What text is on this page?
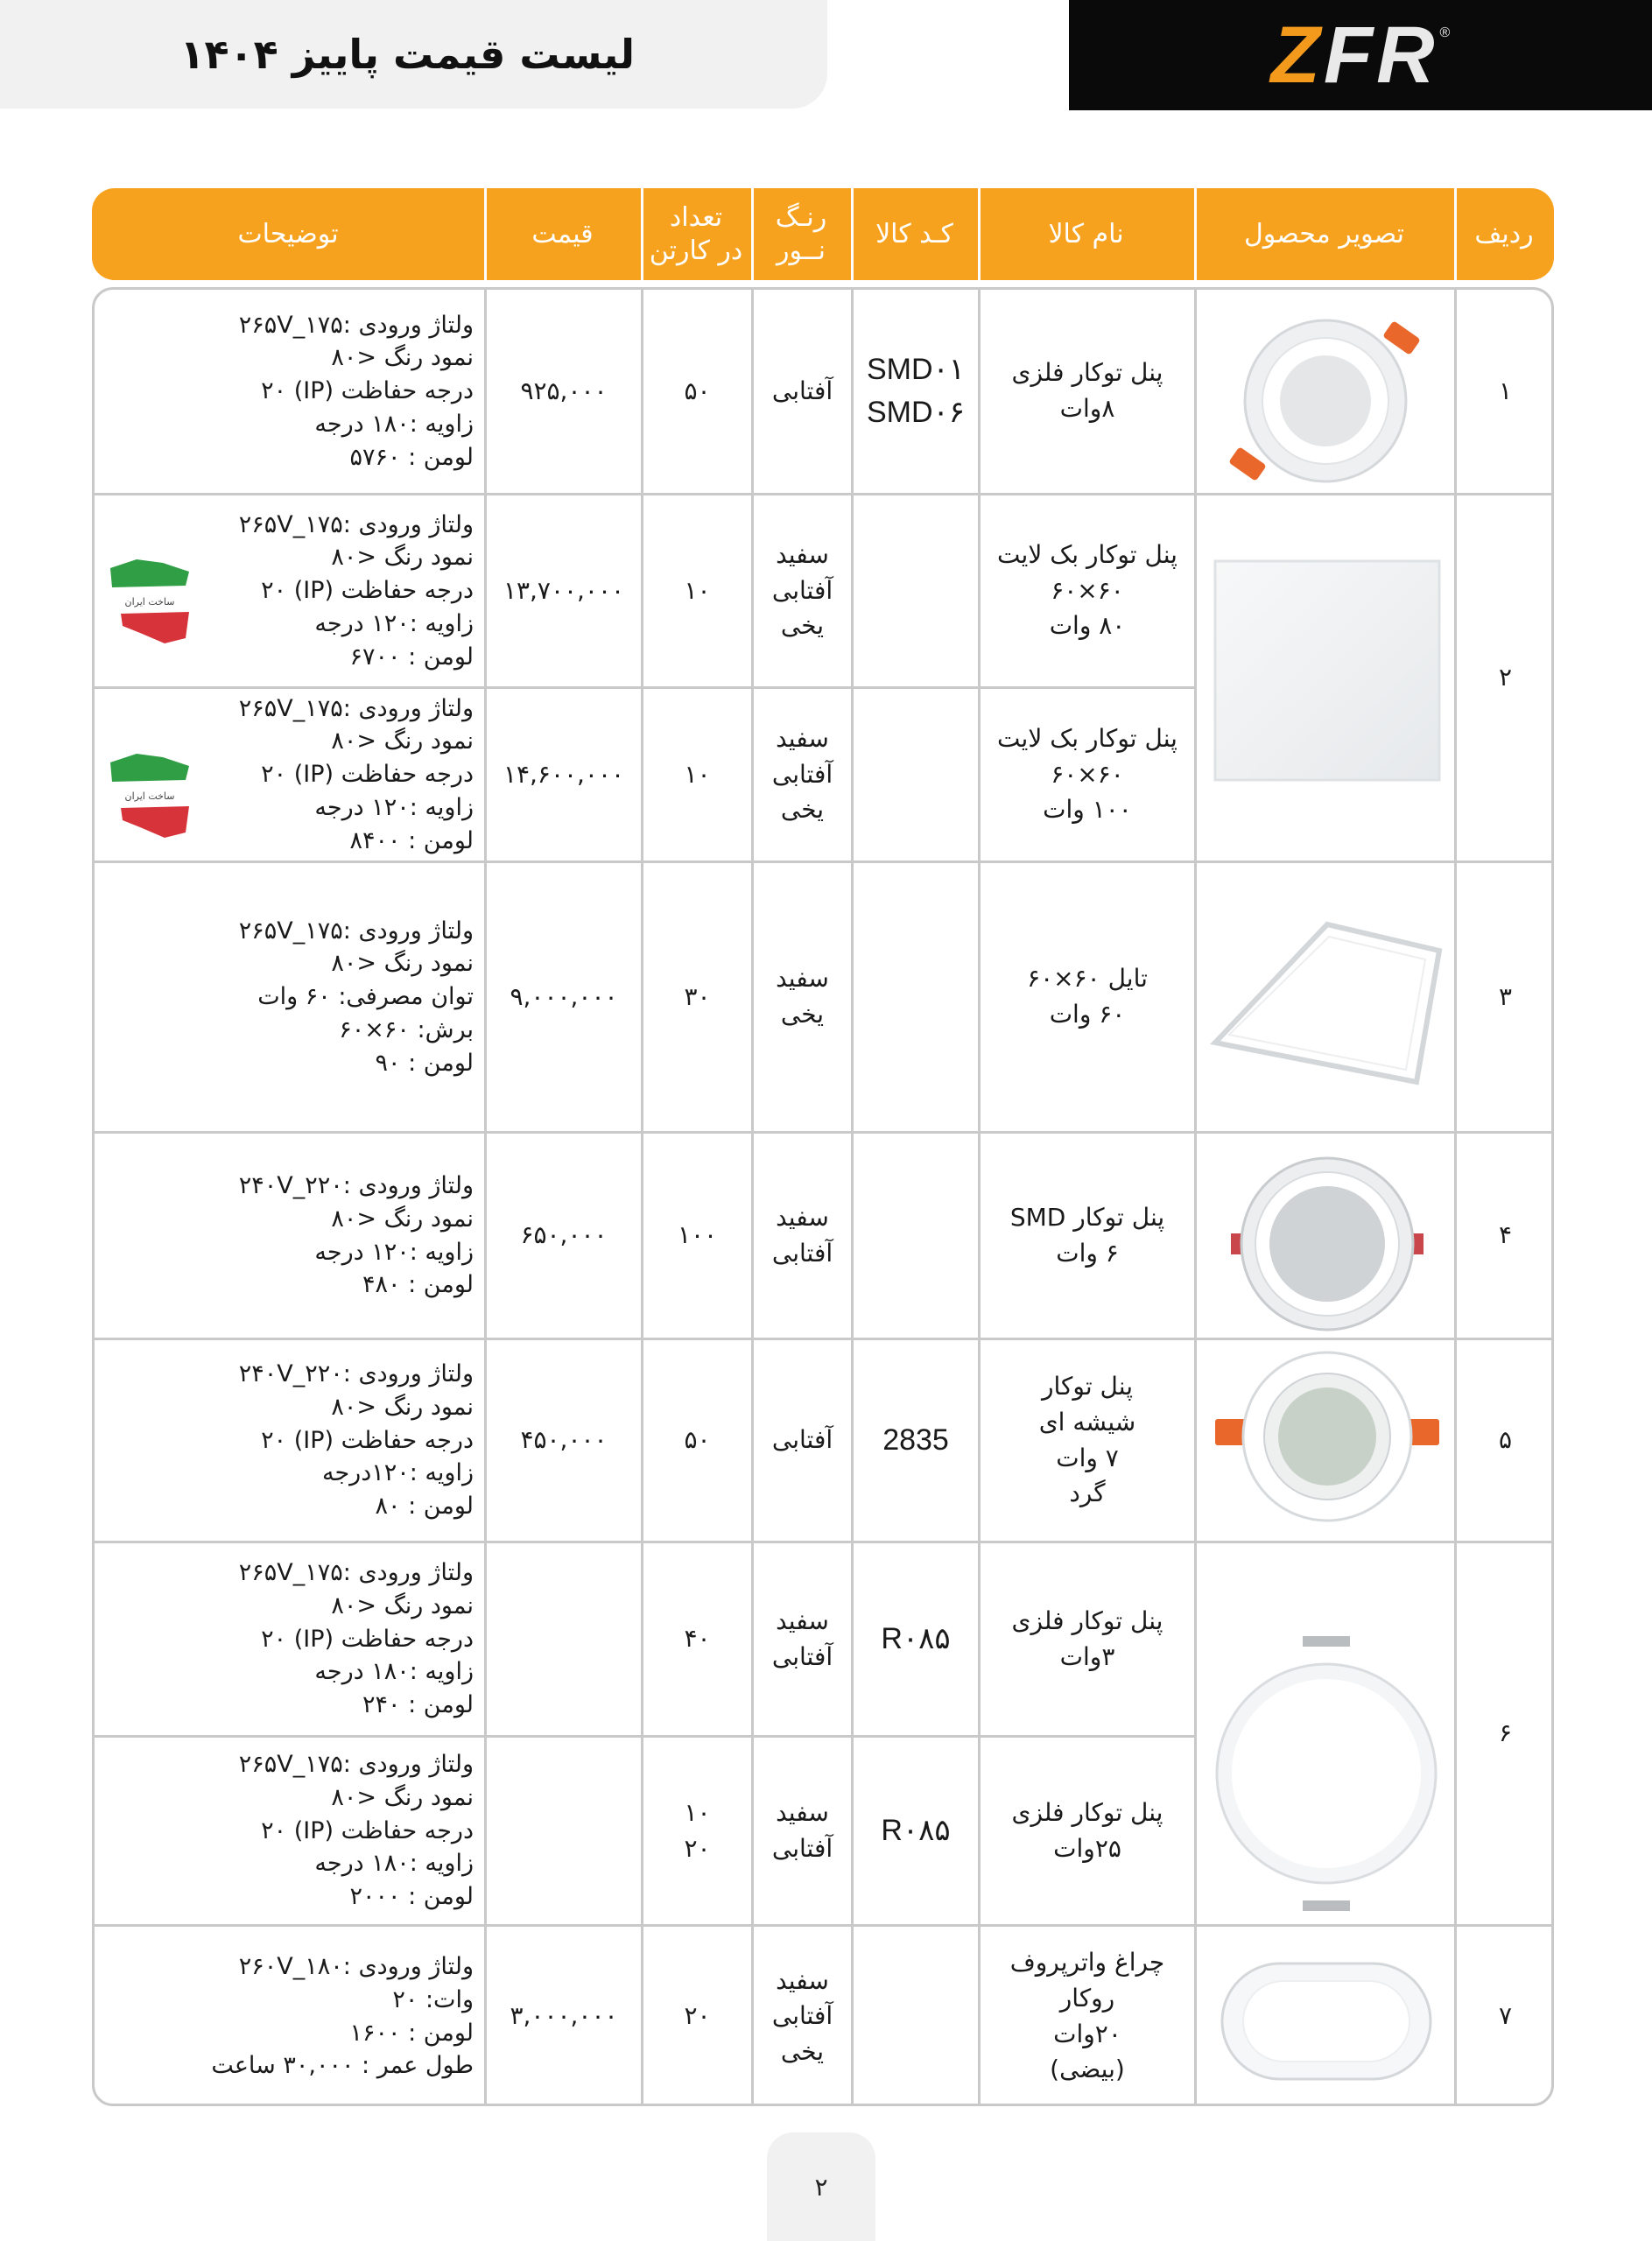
ZFR ®
لیست قیمت پاییز ۱۴۰۴
ردیف
تصویر محصول
نام کالا
کـد کالا
رنـگ
نــور
تعداد
در کارتن
قیمت
توضیحات
ساخت ایران
ساخت ایران
۱
۲
۳
۴
۵
۶
۷
پنل توکار فلزی
۸وات
SMD۰۱
SMD۰۶
آفتابی
۵۰
۹۲۵,۰۰۰
ولتاژ ورودی :۱۷۵_۲۶۵V
نمود رنگ <۸۰
درجه حفاظت (IP) ۲۰
زاویه :۱۸۰ درجه
لومن : ۵۷۶۰
پنل توکار بک لایت
۶۰×۶۰
۸۰ وات
سفید
آفتابی
یخی
۱۰
۱۳,۷۰۰,۰۰۰
ولتاژ ورودی :۱۷۵_۲۶۵V
نمود رنگ <۸۰
درجه حفاظت (IP) ۲۰
زاویه :۱۲۰ درجه
لومن : ۶۷۰۰
پنل توکار بک لایت
۶۰×۶۰
۱۰۰ وات
سفید
آفتابی
یخی
۱۰
۱۴,۶۰۰,۰۰۰
ولتاژ ورودی :۱۷۵_۲۶۵V
نمود رنگ <۸۰
درجه حفاظت (IP) ۲۰
زاویه :۱۲۰ درجه
لومن : ۸۴۰۰
تایل ۶۰×۶۰
۶۰ وات
سفید
یخی
۳۰
۹,۰۰۰,۰۰۰
ولتاژ ورودی :۱۷۵_۲۶۵V
نمود رنگ <۸۰
توان مصرفی: ۶۰ وات
برش: ۶۰×۶۰
لومن : ۹۰
پنل توکار SMD
۶ وات
سفید
آفتابی
۱۰۰
۶۵۰,۰۰۰
ولتاژ ورودی :۲۲۰_۲۴۰V
نمود رنگ <۸۰
زاویه :۱۲۰ درجه
لومن : ۴۸۰
پنل توکار
شیشه ای
۷ وات
گرد
2835
آفتابی
۵۰
۴۵۰,۰۰۰
ولتاژ ورودی :۲۲۰_۲۴۰V
نمود رنگ <۸۰
درجه حفاظت (IP) ۲۰
زاویه :۱۲۰درجه
لومن : ۸۰
پنل توکار فلزی
۳وات
R۰۸۵
سفید
آفتابی
۴۰
ولتاژ ورودی :۱۷۵_۲۶۵V
نمود رنگ <۸۰
درجه حفاظت (IP) ۲۰
زاویه :۱۸۰ درجه
لومن : ۲۴۰
پنل توکار فلزی
۲۵وات
R۰۸۵
سفید
آفتابی
۱۰
۲۰
ولتاژ ورودی :۱۷۵_۲۶۵V
نمود رنگ <۸۰
درجه حفاظت (IP) ۲۰
زاویه :۱۸۰ درجه
لومن : ۲۰۰۰
چراغ واترپروف روکار
۲۰وات
(بیضی)
سفید
آفتابی
یخی
۲۰
۳,۰۰۰,۰۰۰
ولتاژ ورودی :۱۸۰_۲۶۰V
وات: ۲۰
لومن : ۱۶۰۰
طول عمر : ۳۰,۰۰۰ ساعت
۲
